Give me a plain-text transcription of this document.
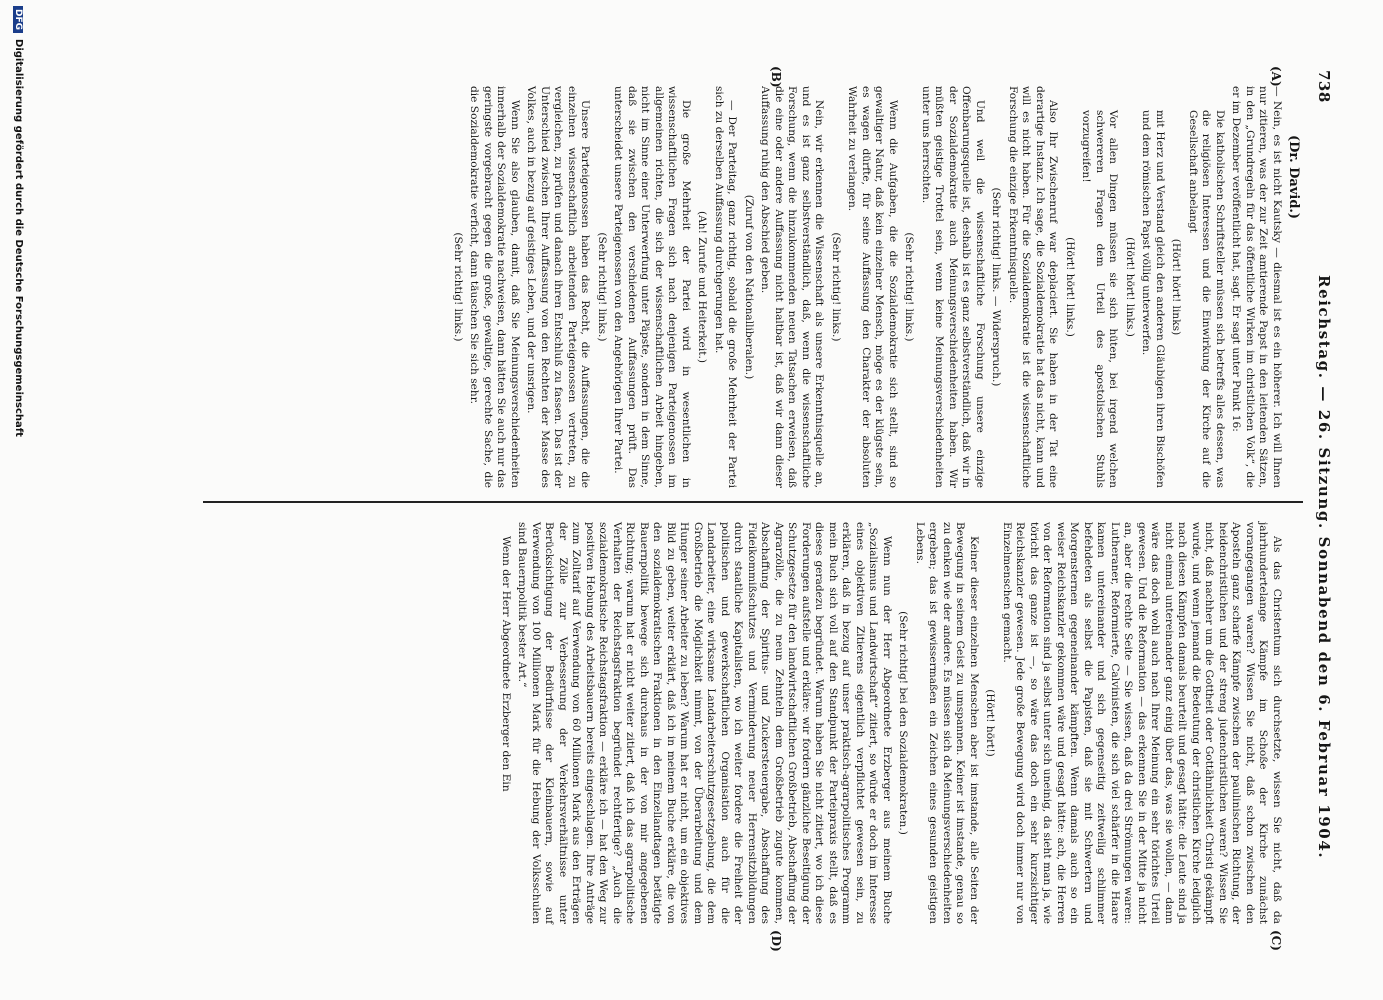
738
Reichstag. — 26. Sitzung. Sonnabend den 6. Februar 1904.
(Dr. David.)
(A)
(B)
(C)
(D)

— Nein, es ist nicht Kautsky — diesmal ist es ein höherer. Ich will Ihnen nur zitieren, was der zur Zeit amtierende Papst in den leitenden Sätzen, in den „Grundregeln für das öffentliche Wirken im christlichen Volk“, die er im Dezember veröffentlicht hat, sagt. Er sagt unter Punkt 16:

Die katholischen Schriftsteller müssen sich betreffs alles dessen, was die religiösen Interessen und die Einwirkung der Kirche auf die Gesellschaft anbelangt

(Hört! hört! links)

mit Herz und Verstand gleich den anderen Gläubigen ihren Bischöfen und dem römischen Papst völlig unterwerfen.

(Hört! hört! links.)

Vor allen Dingen müssen sie sich hüten, bei irgend welchen schwereren Fragen dem Urteil des apostolischen Stuhls vorzugreifen!

(Hört! hört! links.)

Also Ihr Zwischenruf war deplaciert. Sie haben in der Tat eine derartige Instanz. Ich sage, die Sozialdemokratie hat das nicht, kann und will es nicht haben. Für die Sozialdemokratie ist die wissenschaftliche Forschung die einzige Erkenntnisquelle.

(Sehr richtig! links. — Widerspruch.)

Und weil die wissenschaftliche Forschung unsere einzige Offenbarungsquelle ist, deshalb ist es ganz selbstverständlich, daß wir in der Sozialdemokratie auch Meinungsverschiedenheiten haben. Wir müßten geistige Trottel sein, wenn keine Meinungsverschiedenheiten unter uns herrschten.

(Sehr richtig! links.)

Wenn die Aufgaben, die die Sozialdemokratie sich stellt, sind so gewaltiger Natur, daß kein einzelner Mensch, möge es der klügste sein, es wagen dürfte, für seine Auffassung den Charakter der absoluten Wahrheit zu verlangen.

(Sehr richtig! links.)

Nein, wir erkennen die Wissenschaft als unsere Erkenntnisquelle an, und es ist ganz selbstverständlich, daß, wenn die wissenschaftliche Forschung, wenn die hinzukommenden neuen Tatsachen erweisen, daß die eine oder andere Auffassung nicht haltbar ist, daß wir dann dieser Auffassung ruhig den Abschied geben.

(Zuruf von den Nationalliberalen.)

— Der Parteitag, ganz richtig, sobald die große Mehrheit der Partei sich zu derselben Auffassung durchgerungen hat.

(Ah! Zurufe und Heiterkeit.)

Die große Mehrheit der Partei wird in wesentlichen in wissenschaftlichen Fragen sich nach denjenigen Parteigenossen im allgemeinen richten, die sich der wissenschaftlichen Arbeit hingeben, nicht im Sinne einer Unterwerfung unter Päpste, sondern in dem Sinne, daß sie zwischen den verschiedenen Auffassungen prüft. Das unterscheidet unsere Parteigenossen von den Angehörigen Ihrer Partei.

(Sehr richtig! links.)

Unsere Parteigenossen haben das Recht, die Auffassungen, die die einzelnen wissenschaftlich arbeitenden Parteigenossen vertreten, zu vergleichen, zu prüfen und danach ihren Entschluß zu fassen. Das ist der Unterschied zwischen Ihrer Auffassung von den Rechten der Masse des Volkes, auch in bezug auf geistiges Leben, und der unsrigen.

Wenn Sie also glauben, damit, daß Sie Meinungsverschiedenheiten innerhalb der Sozialdemokratie nachweisen, dann hätten Sie auch nur das geringste vorgebracht gegen die große, gewaltige, gerechte Sache, die die Sozialdemokratie verficht, dann täuschen Sie sich sehr.

(Sehr richtig! links.)

Als das Christentum sich durchsetzte, wissen Sie nicht, daß da jahrhundertelange Kämpfe im Schoße der Kirche zunächst vorangegangen waren? Wissen Sie nicht, daß schon zwischen den Aposteln ganz scharfe Kämpfe zwischen der paulinischen Richtung, der heidenchristlichen und der streng judenchristlichen waren? Wissen Sie nicht, daß nachher um die Gottheit oder Gottähnlichkeit Christi gekämpft wurde, und wenn jemand die Bedeutung der christlichen Kirche lediglich nach diesen Kämpfen damals beurteilt und gesagt hätte: die Leute sind ja nicht einmal untereinander ganz einig über das, was sie wollen, — dann wäre das doch wohl auch nach Ihrer Meinung ein sehr törichtes Urteil gewesen. Und die Reformation — das erkennen Sie in der Mitte ja nicht an, aber die rechte Seite — Sie wissen, daß da drei Strömungen waren: Lutheraner, Reformierte, Calvinisten, die sich viel schärfer in die Haare kamen untereinander und sich gegenseitig zeitweilig schlimmer befehdeten als selbst die Papisten, daß sie mit Schwertern und Morgensternen gegeneinander kämpften. Wenn damals auch so ein weiser Reichskanzler gekommen wäre und gesagt hätte: ach, die Herren von der Reformation sind ja selbst unter sich uneinig, da sieht man ja, wie töricht das ganze ist —, so wäre das doch ein sehr kurzsichtiger Reichskanzler gewesen. Jede große Bewegung wird doch immer nur von Einzelmenschen gemacht.

(Hört! hört!)

Keiner dieser einzelnen Menschen aber ist imstande, alle Seiten der Bewegung in seinem Geist zu umspannen. Keiner ist imstande, genau so zu denken wie der andere. Es müssen sich da Meinungsverschiedenheiten ergeben; das ist gewissermaßen ein Zeichen eines gesunden geistigen Lebens.

(Sehr richtig! bei den Sozialdemokraten.)

Wenn nun der Herr Abgeordnete Erzberger aus meinem Buche „Sozialismus und Landwirtschaft“ zitiert, so würde er doch im Interesse eines objektiven Zitierens eigentlich verpflichtet gewesen sein, zu erklären, daß in bezug auf unser praktisch-agrarpolitisches Programm mein Buch sich voll auf den Standpunkt der Parteipraxis stellt, daß es dieses geradezu begründet. Warum haben Sie nicht zitiert, wo ich diese Forderungen aufstelle und erkläre: wir fordern gänzliche Beseitigung der Schutzgesetze für den landwirtschaftlichen Großbetrieb, Abschaffung der Agrarzölle, die zu neun Zehnteln dem Großbetrieb zugute kommen, Abschaffung der Spiritus- und Zuckersteuergabe, Abschaffung des Fideikommißschutzes und Verminderung neuer Herrensitzbildungen durch staatliche Kapitalisten, wo ich weiter fordere die Freiheit der politischen und gewerkschaftlichen Organisation auch für die Landarbeiter, eine wirksame Landarbeiterschutzgesetzgebung, die dem Großbetrieb die Möglichkeit nimmt, von der Überarbeitung und dem Hunger seiner Arbeiter zu leben? Warum hat er nicht, um ein objektives Bild zu geben, weiter erklärt, daß ich in meinem Buche erkläre, die von den sozialdemokratischen Fraktionen in den Einzellandtagen betätigte Bauernpolitik bewege sich durchaus in der von mir angegebenen Richtung; warum hat er nicht weiter zitiert, daß ich das agrarpolitische Verhalten der Reichstagsfraktion begründet rechtfertige? „Auch die sozialdemokratische Reichstagsfraktion — erkläre ich — hat den Weg zur positiven Hebung des Arbeitsbauern bereits eingeschlagen. Ihre Anträge zum Zolltarif auf Verwendung von 60 Millionen Mark aus den Erträgen der Zölle zur Verbesserung der Verkehrsverhältnisse unter Berücksichtigung der Bedürfnisse der Kleinbauern, sowie auf Verwendung von 100 Millionen Mark für die Hebung der Volksschulen sind Bauernpolitik bester Art.“

Wenn der Herr Abgeordnete Erzberger den Ein

DFGDigitalisierung gefördert durch die Deutsche Forschungsgemeinschaft
